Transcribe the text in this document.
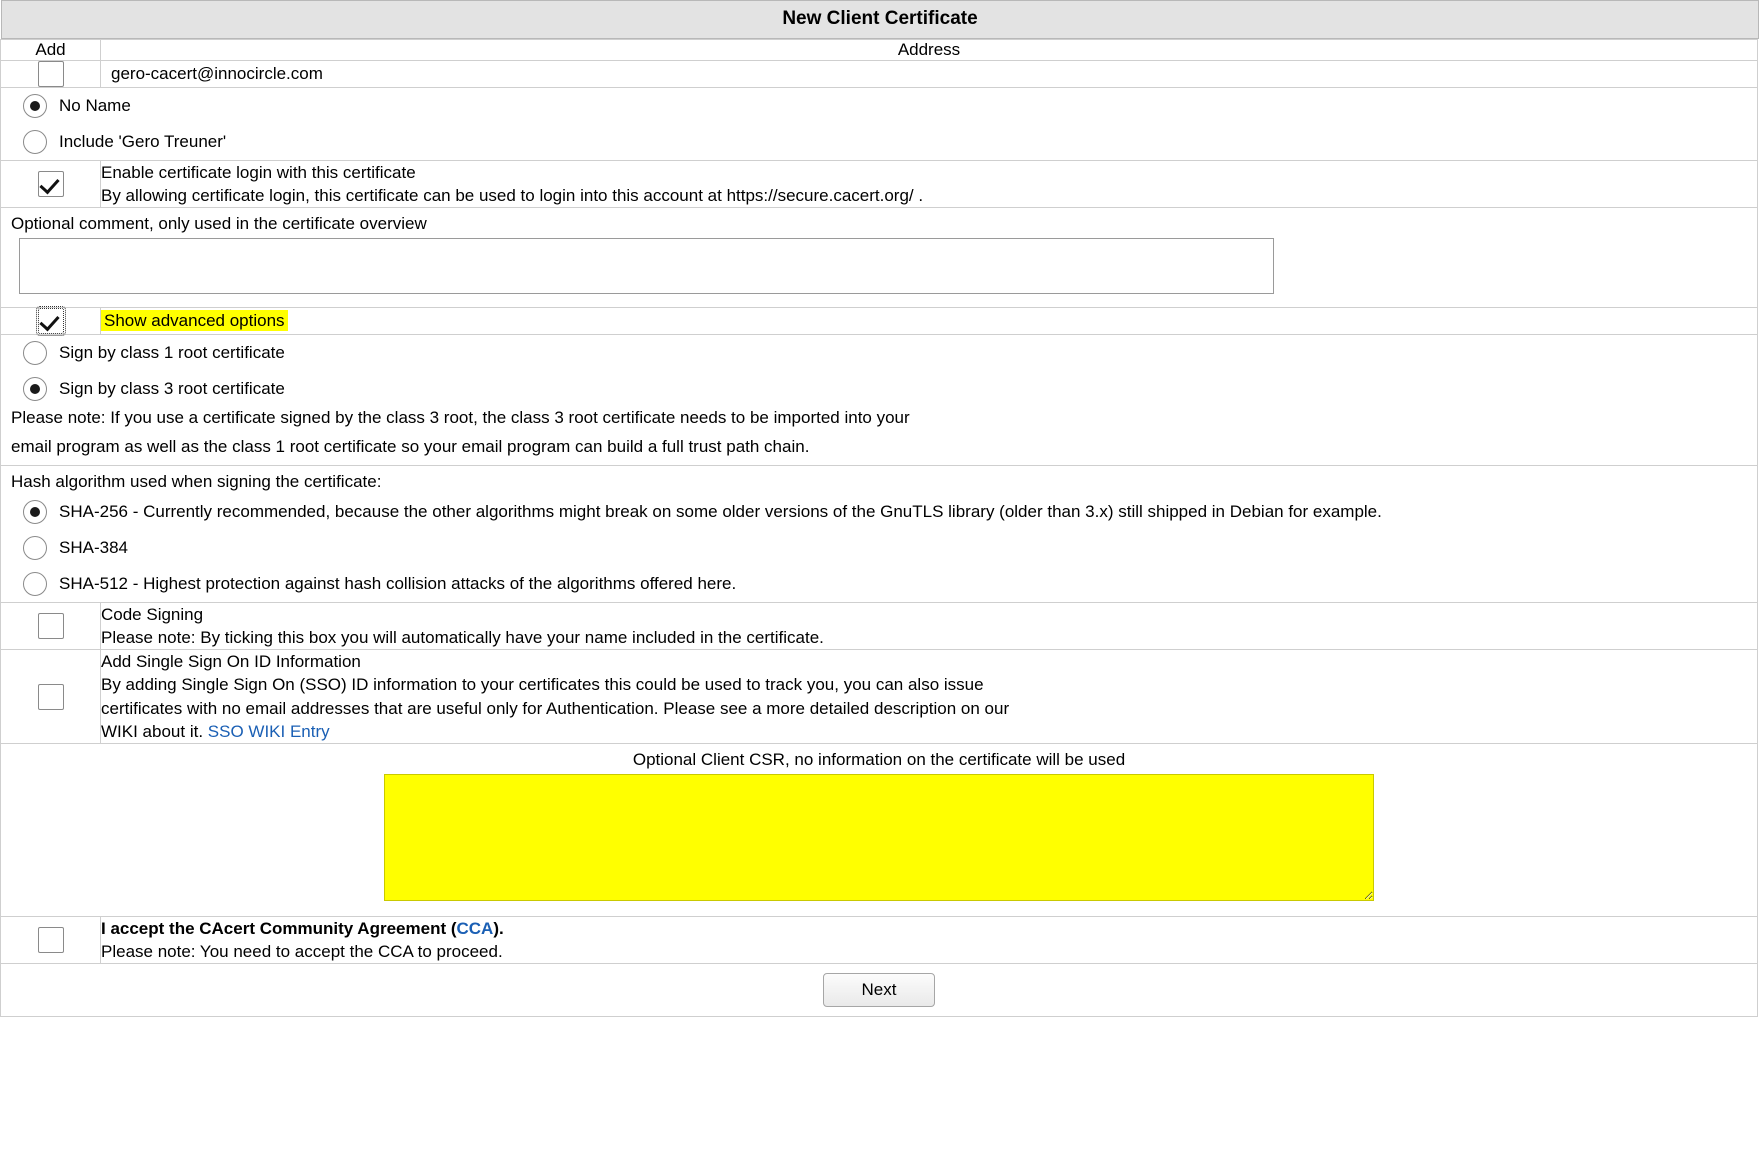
New Client Certificate
Add	Address
	gero-cacert@innocircle.com

No Name
Include 'Gero Treuner'	

	Enable certificate login with this certificate
By allowing certificate login, this certificate can be used to login into this account at https://secure.cacert.org/ .

Optional comment, only used in the certificate overview	

	Show advanced options

Sign by class 1 root certificate
Sign by class 3 root certificate
Please note: If you use a certificate signed by the class 3 root, the class 3 root certificate needs to be imported into your
email program as well as the class 1 root certificate so your email program can build a full trust path chain.	

Hash algorithm used when signing the certificate:
SHA-256 - Currently recommended, because the other algorithms might break on some older versions of the GnuTLS library (older than 3.x) still shipped in Debian for example.
SHA-384
SHA-512 - Highest protection against hash collision attacks of the algorithms offered here.	

	Code Signing
Please note: By ticking this box you will automatically have your name included in the certificate.

	Add Single Sign On ID Information
By adding Single Sign On (SSO) ID information to your certificates this could be used to track you, you can also issue
certificates with no email addresses that are useful only for Authentication. Please see a more detailed description on our
WIKI about it. SSO WIKI Entry

Optional Client CSR, no information on the certificate will be used	

	I accept the CAcert Community Agreement (CCA).
Please note: You need to accept the CCA to proceed.

Next	
